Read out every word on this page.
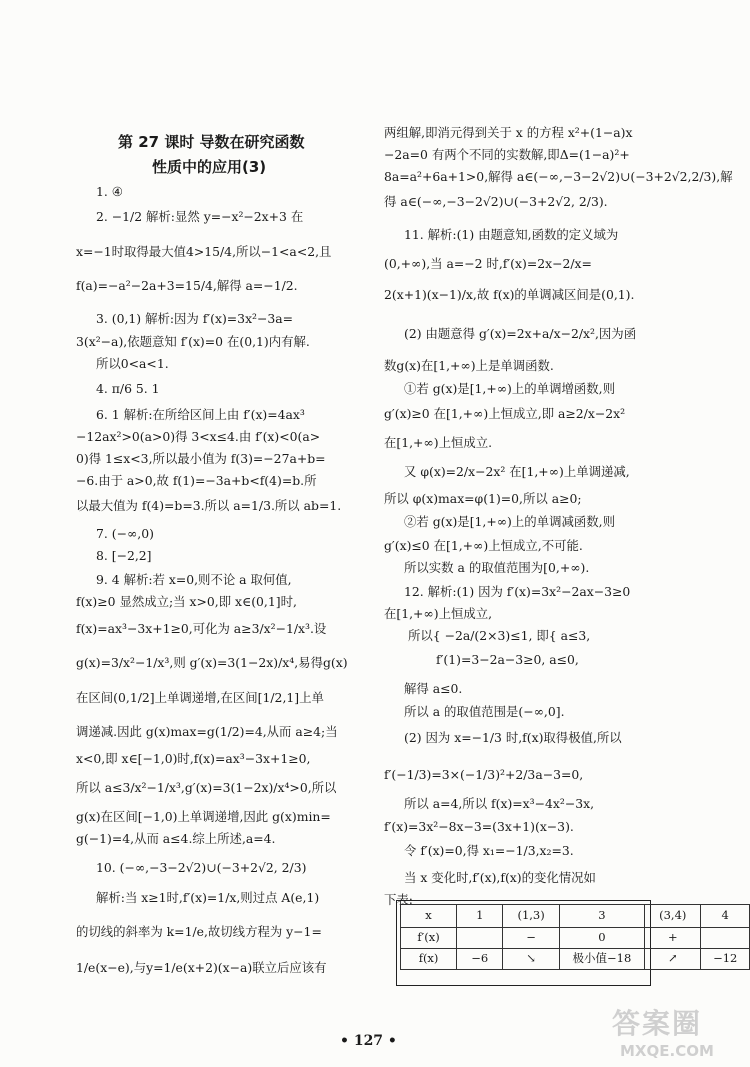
第 27 课时 导数在研究函数
性质中的应用(3)
1. ④
2. −1/2 解析:显然 y=−x²−2x+3 在
x=−1时取得最大值4>15/4,所以−1<a<2,且
f(a)=−a²−2a+3=15/4,解得 a=−1/2.
3. (0,1) 解析:因为 f′(x)=3x²−3a=
3(x²−a),依题意知 f′(x)=0 在(0,1)内有解.
所以0<a<1.
4. π/6 5. 1
6. 1 解析:在所给区间上由 f′(x)=4ax³
−12ax²>0(a>0)得 3<x≤4.由 f′(x)<0(a>
0)得 1≤x<3,所以最小值为 f(3)=−27a+b=
−6.由于 a>0,故 f(1)=−3a+b<f(4)=b.所
以最大值为 f(4)=b=3.所以 a=1/3.所以 ab=1.
7. (−∞,0)
8. [−2,2]
9. 4 解析:若 x=0,则不论 a 取何值,
f(x)≥0 显然成立;当 x>0,即 x∈(0,1]时,
f(x)=ax³−3x+1≥0,可化为 a≥3/x²−1/x³.设
g(x)=3/x²−1/x³,则 g′(x)=3(1−2x)/x⁴,易得g(x)
在区间(0,1/2]上单调递增,在区间[1/2,1]上单
调递减.因此 g(x)max=g(1/2)=4,从而 a≥4;当
x<0,即 x∈[−1,0)时,f(x)=ax³−3x+1≥0,
所以 a≤3/x²−1/x³,g′(x)=3(1−2x)/x⁴>0,所以
g(x)在区间[−1,0)上单调递增,因此 g(x)min=
g(−1)=4,从而 a≤4.综上所述,a=4.
10. (−∞,−3−2√2)∪(−3+2√2, 2/3)
解析:当 x≥1时,f′(x)=1/x,则过点 A(e,1)
的切线的斜率为 k=1/e,故切线方程为 y−1=
1/e(x−e),与y=1/e(x+2)(x−a)联立后应该有
两组解,即消元得到关于 x 的方程 x²+(1−a)x
−2a=0 有两个不同的实数解,即Δ=(1−a)²+
8a=a²+6a+1>0,解得 a∈(−∞,−3−2√2)∪(−3+2√2,2/3),解
得 a∈(−∞,−3−2√2)∪(−3+2√2, 2/3).
11. 解析:(1) 由题意知,函数的定义域为
(0,+∞),当 a=−2 时,f′(x)=2x−2/x=
2(x+1)(x−1)/x,故 f(x)的单调减区间是(0,1).
(2) 由题意得 g′(x)=2x+a/x−2/x²,因为函
数g(x)在[1,+∞)上是单调函数.
①若 g(x)是[1,+∞)上的单调增函数,则
g′(x)≥0 在[1,+∞)上恒成立,即 a≥2/x−2x²
在[1,+∞)上恒成立.
又 φ(x)=2/x−2x² 在[1,+∞)上单调递减,
所以 φ(x)max=φ(1)=0,所以 a≥0;
②若 g(x)是[1,+∞)上的单调减函数,则
g′(x)≤0 在[1,+∞)上恒成立,不可能.
所以实数 a 的取值范围为[0,+∞).
12. 解析:(1) 因为 f′(x)=3x²−2ax−3≥0
在[1,+∞)上恒成立,
所以{ −2a/(2×3)≤1, 即{ a≤3,
f′(1)=3−2a−3≥0, a≤0,
解得 a≤0.
所以 a 的取值范围是(−∞,0].
(2) 因为 x=−1/3 时,f(x)取得极值,所以
f′(−1/3)=3×(−1/3)²+2/3a−3=0,
所以 a=4,所以 f(x)=x³−4x²−3x,
f′(x)=3x²−8x−3=(3x+1)(x−3).
令 f′(x)=0,得 x₁=−1/3,x₂=3.
当 x 变化时,f′(x),f(x)的变化情况如
下表:
x	1	(1,3)	3	(3,4)	4
f′(x)		−	0	+	
f(x)	−6	↘	极小值−18	↗	−12
• 127 •
答案圈
MXQE.COM
